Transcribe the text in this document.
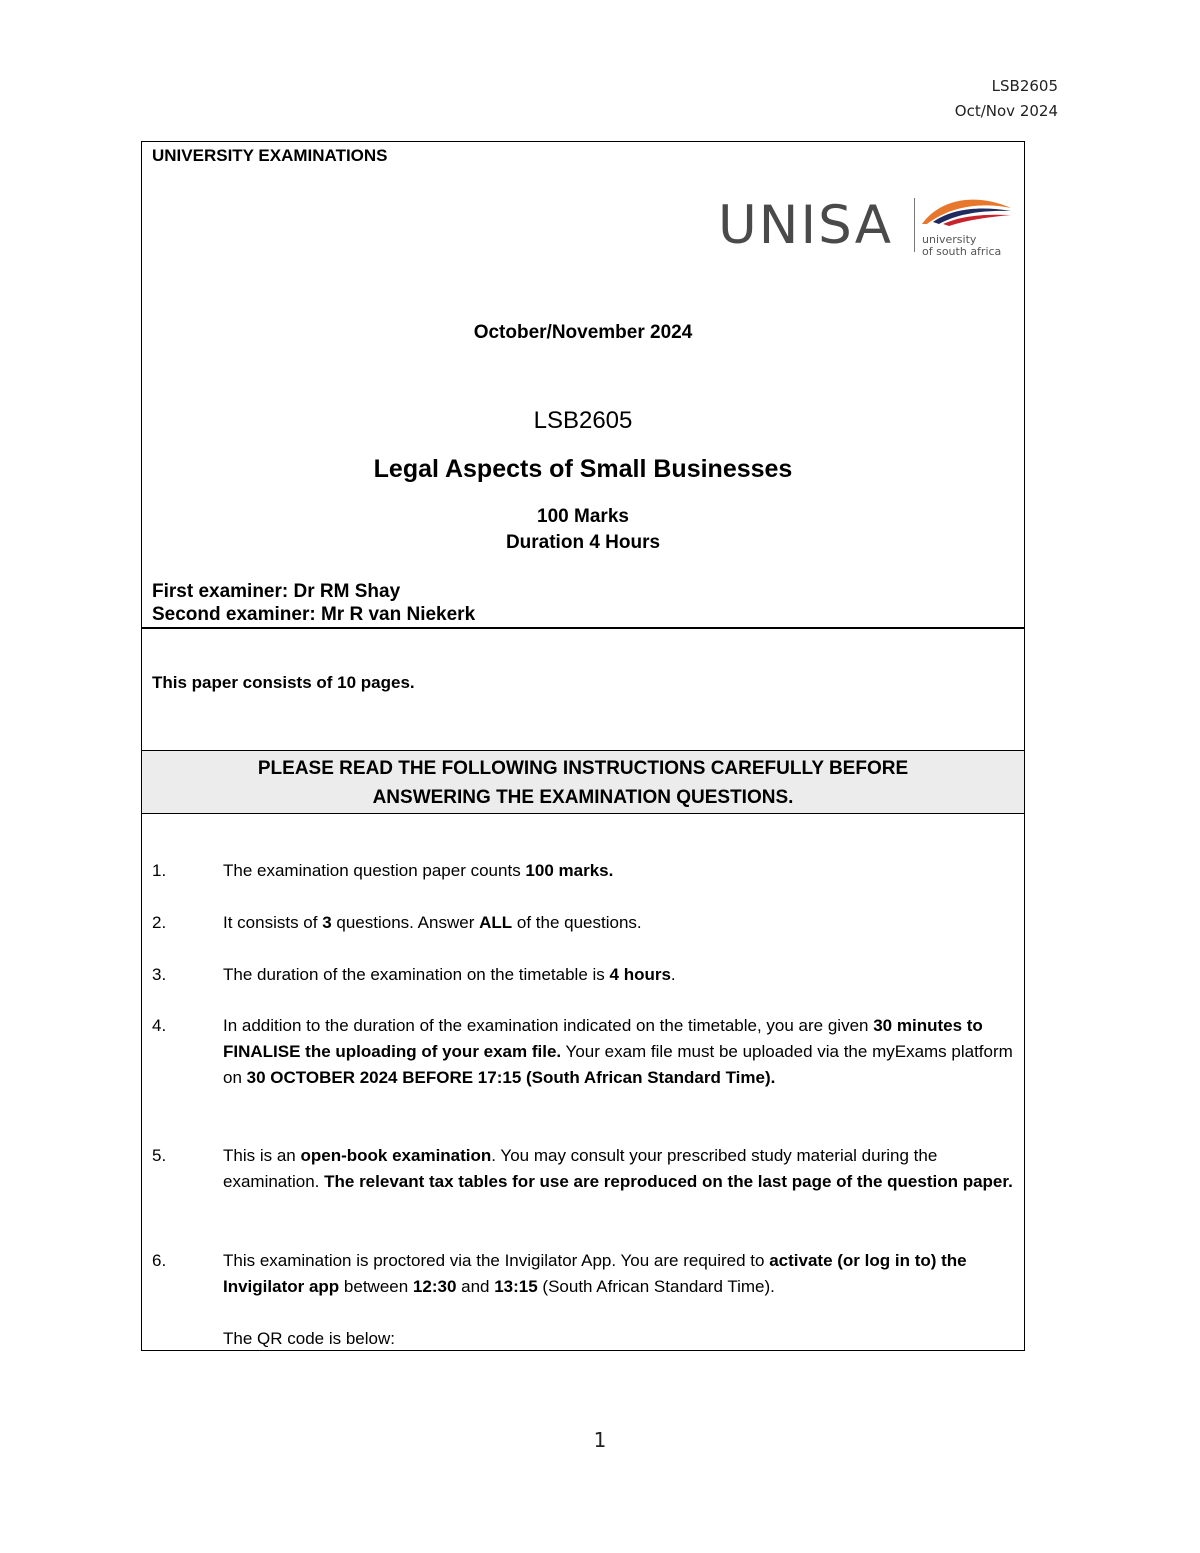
LSB2605
Oct/Nov 2024
UNIVERSITY EXAMINATIONS
UNISA	university
of south africa
October/November 2024
LSB2605
Legal Aspects of Small Businesses
100 Marks
Duration 4 Hours
First examiner: Dr RM Shay
Second examiner: Mr R van Niekerk
This paper consists of 10 pages.
PLEASE READ THE FOLLOWING INSTRUCTIONS CAREFULLY BEFORE
ANSWERING THE EXAMINATION QUESTIONS.
1.	The examination question paper counts 100 marks.
2.	It consists of 3 questions. Answer ALL of the questions.
3.	The duration of the examination on the timetable is 4 hours.
4.	In addition to the duration of the examination indicated on the timetable, you are given 30 minutes to FINALISE the uploading of your exam file. Your exam file must be uploaded via the myExams platform on 30 OCTOBER 2024 BEFORE 17:15 (South African Standard Time).
5.	This is an open-book examination. You may consult your prescribed study material during the examination. The relevant tax tables for use are reproduced on the last page of the question paper.
6.	This examination is proctored via the Invigilator App. You are required to activate (or log in to) the Invigilator app between 12:30 and 13:15 (South African Standard Time).
The QR code is below:
1
